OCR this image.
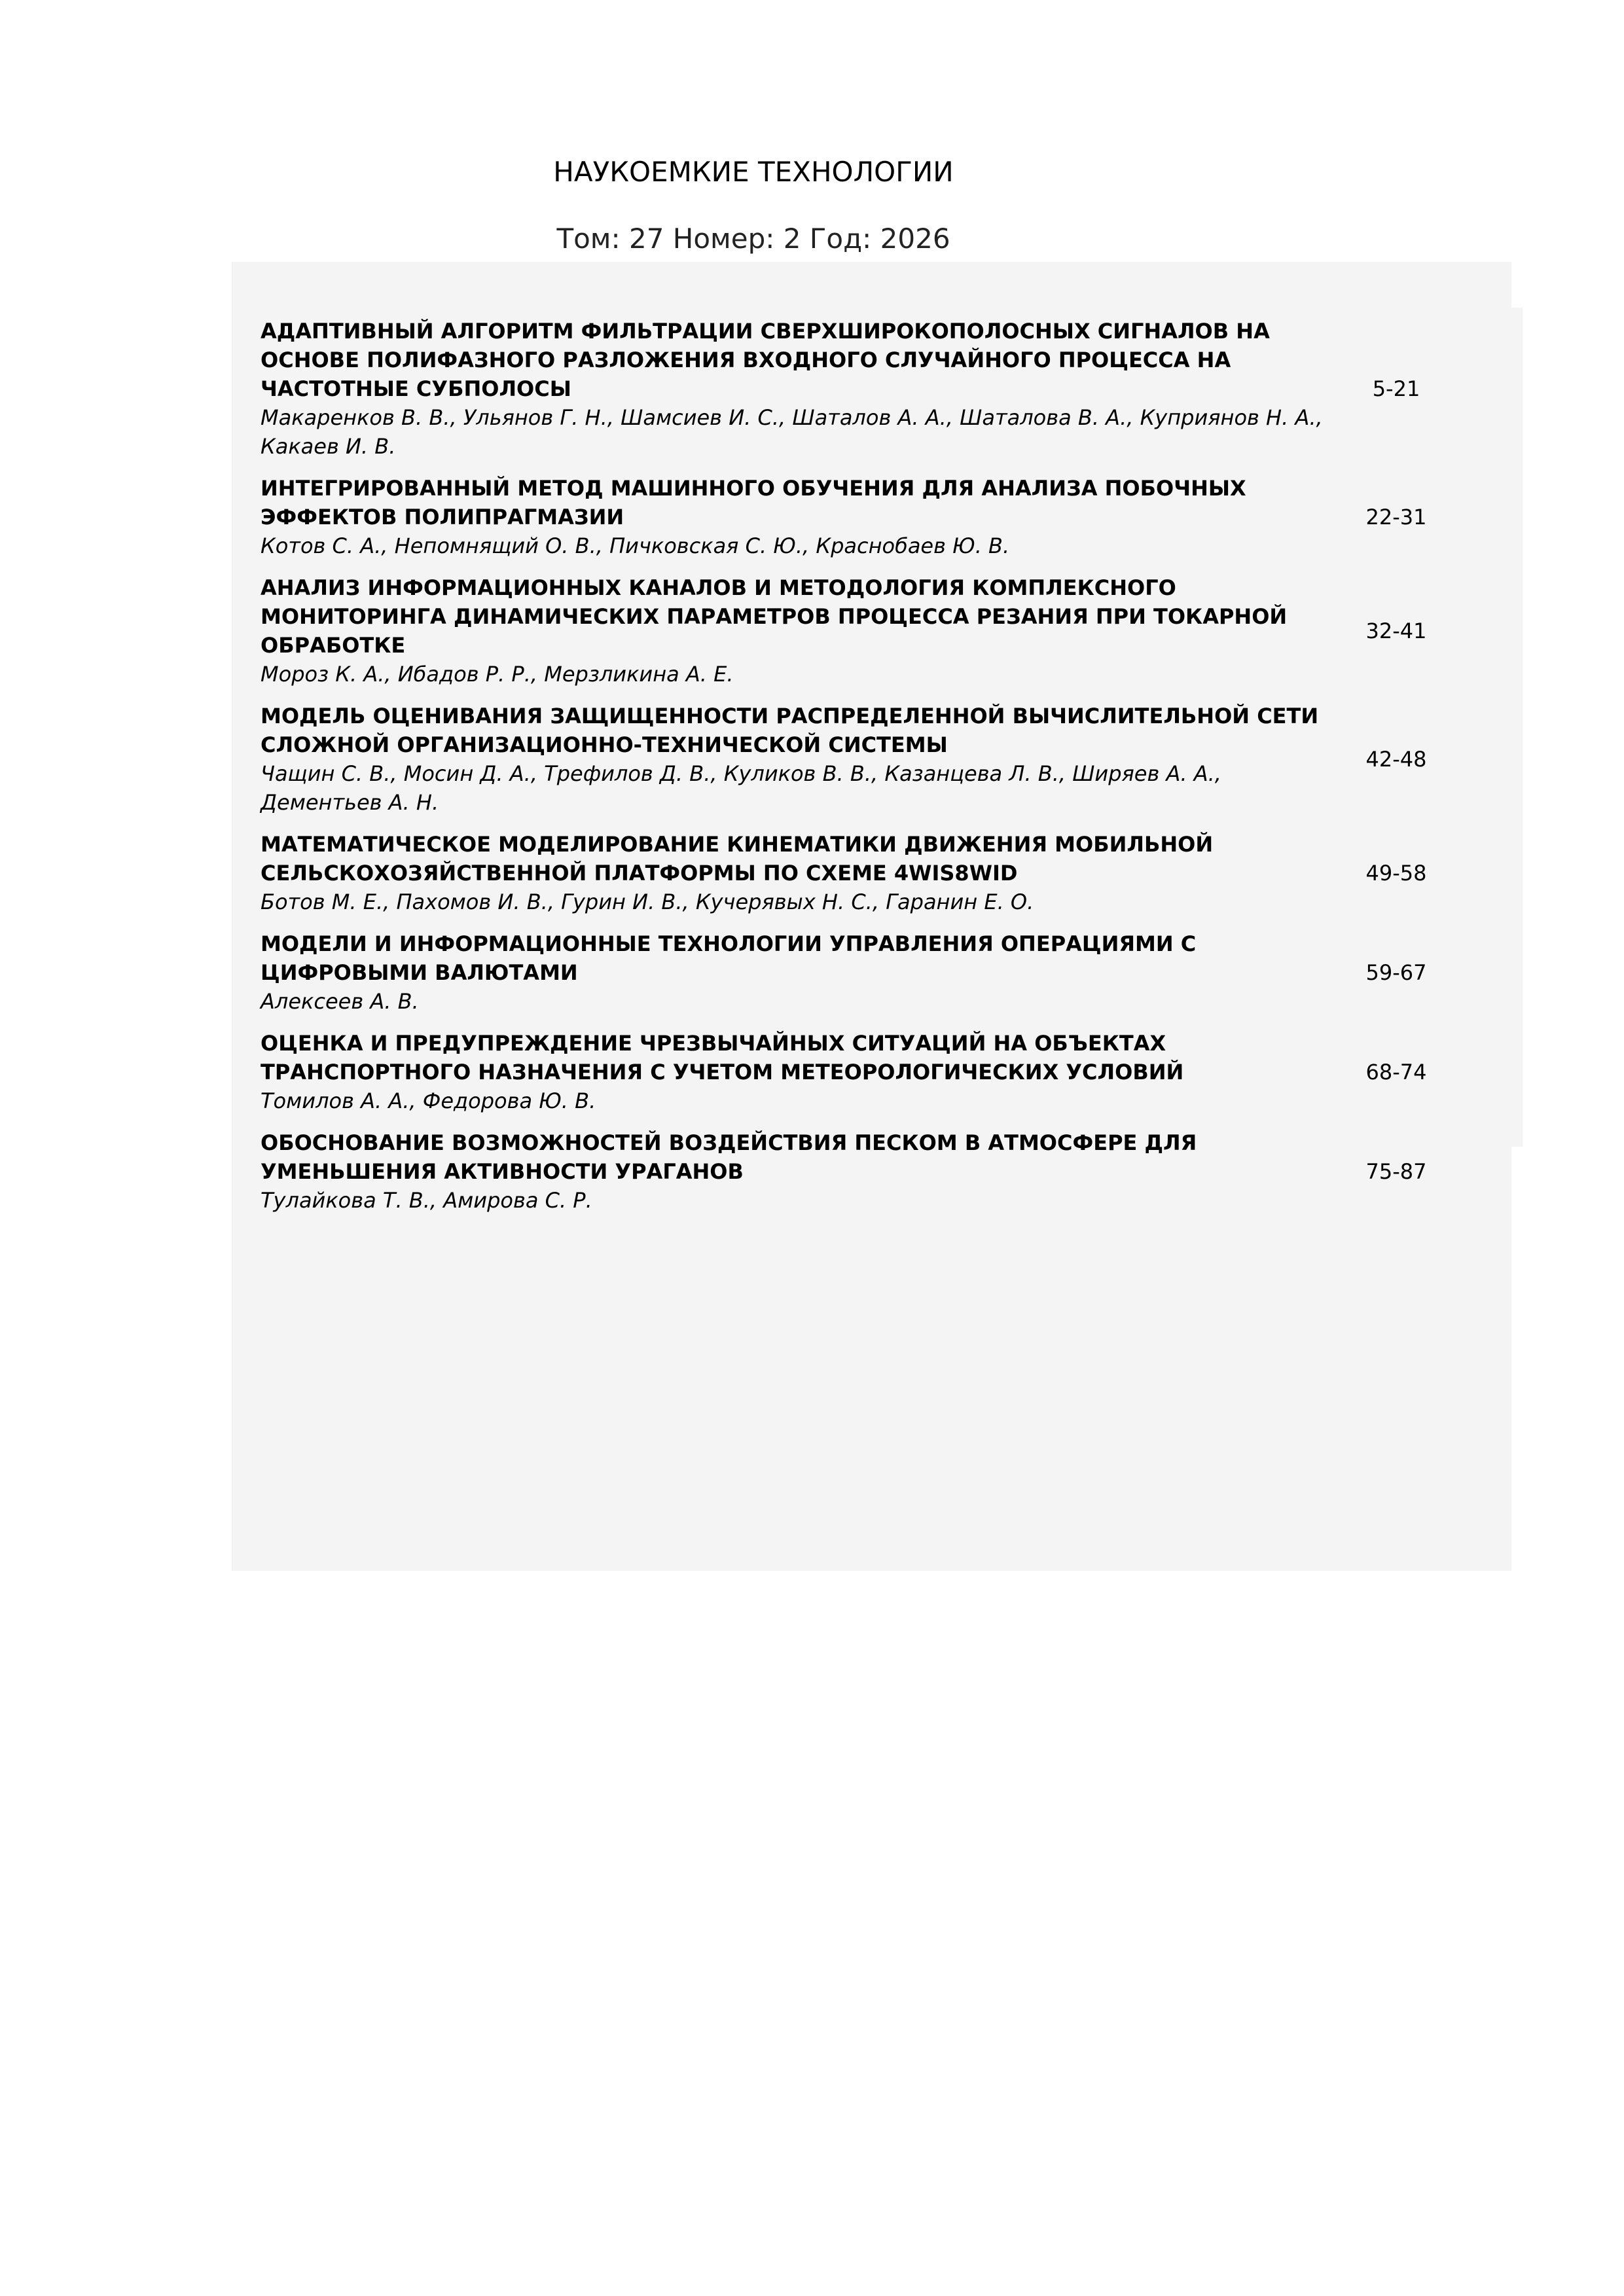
НАУКОЕМКИЕ ТЕХНОЛОГИИ
Том: 27 Номер: 2 Год: 2026
АДАПТИВНЫЙ АЛГОРИТМ ФИЛЬТРАЦИИ СВЕРХШИРОКОПОЛОСНЫХ СИГНАЛОВ НА ОСНОВЕ ПОЛИФАЗНОГО РАЗЛОЖЕНИЯ ВХОДНОГО СЛУЧАЙНОГО ПРОЦЕССА НА ЧАСТОТНЫЕ СУБПОЛОСЫ
Макаренков В. В., Ульянов Г. Н., Шамсиев И. С., Шаталов А. А., Шаталова В. А., Куприянов Н. А., Какаев И. В.
5-21
ИНТЕГРИРОВАННЫЙ МЕТОД МАШИННОГО ОБУЧЕНИЯ ДЛЯ АНАЛИЗА ПОБОЧНЫХ ЭФФЕКТОВ ПОЛИПРАГМАЗИИ
Котов С. А., Непомнящий О. В., Пичковская С. Ю., Краснобаев Ю. В.
22-31
АНАЛИЗ ИНФОРМАЦИОННЫХ КАНАЛОВ И МЕТОДОЛОГИЯ КОМПЛЕКСНОГО МОНИТОРИНГА ДИНАМИЧЕСКИХ ПАРАМЕТРОВ ПРОЦЕССА РЕЗАНИЯ ПРИ ТОКАРНОЙ ОБРАБОТКЕ
Мороз К. А., Ибадов Р. Р., Мерзликина А. Е.
32-41
МОДЕЛЬ ОЦЕНИВАНИЯ ЗАЩИЩЕННОСТИ РАСПРЕДЕЛЕННОЙ ВЫЧИСЛИТЕЛЬНОЙ СЕТИ СЛОЖНОЙ ОРГАНИЗАЦИОННО-ТЕХНИЧЕСКОЙ СИСТЕМЫ
Чащин С. В., Мосин Д. А., Трефилов Д. В., Куликов В. В., Казанцева Л. В., Ширяев А. А., Дементьев А. Н.
42-48
МАТЕМАТИЧЕСКОЕ МОДЕЛИРОВАНИЕ КИНЕМАТИКИ ДВИЖЕНИЯ МОБИЛЬНОЙ СЕЛЬСКОХОЗЯЙСТВЕННОЙ ПЛАТФОРМЫ ПО СХЕМЕ 4WIS8WID
Ботов М. Е., Пахомов И. В., Гурин И. В., Кучерявых Н. С., Гаранин Е. О.
49-58
МОДЕЛИ И ИНФОРМАЦИОННЫЕ ТЕХНОЛОГИИ УПРАВЛЕНИЯ ОПЕРАЦИЯМИ С ЦИФРОВЫМИ ВАЛЮТАМИ
Алексеев А. В.
59-67
ОЦЕНКА И ПРЕДУПРЕЖДЕНИЕ ЧРЕЗВЫЧАЙНЫХ СИТУАЦИЙ НА ОБЪЕКТАХ ТРАНСПОРТНОГО НАЗНАЧЕНИЯ С УЧЕТОМ МЕТЕОРОЛОГИЧЕСКИХ УСЛОВИЙ
Томилов А. А., Федорова Ю. В.
68-74
ОБОСНОВАНИЕ ВОЗМОЖНОСТЕЙ ВОЗДЕЙСТВИЯ ПЕСКОМ В АТМОСФЕРЕ ДЛЯ УМЕНЬШЕНИЯ АКТИВНОСТИ УРАГАНОВ
Тулайкова Т. В., Амирова С. Р.
75-87
